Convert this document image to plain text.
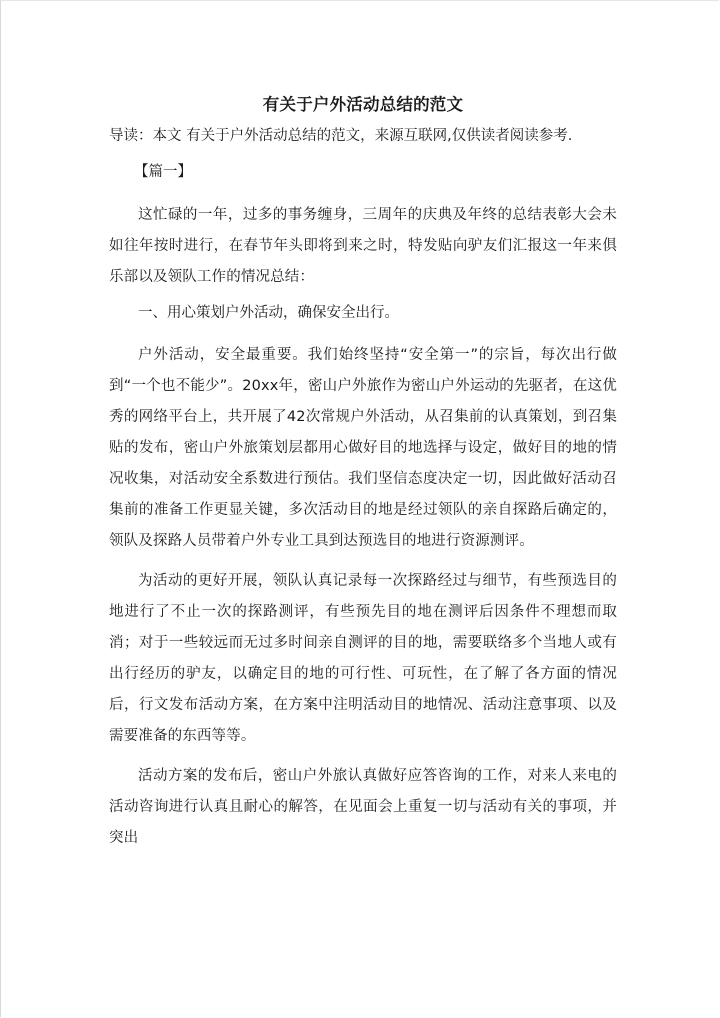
有关于户外活动总结的范文

导读：本文 有关于户外活动总结的范文，来源互联网,仅供读者阅读参考.

【篇一】

这忙碌的一年，过多的事务缠身，三周年的庆典及年终的总结表彰大会未如往年按时进行，在春节年头即将到来之时，特发贴向驴友们汇报这一年来俱乐部以及领队工作的情况总结：

一、用心策划户外活动，确保安全出行。

户外活动，安全最重要。我们始终坚持“安全第一”的宗旨，每次出行做到“一个也不能少”。20xx年，密山户外旅作为密山户外运动的先驱者，在这优秀的网络平台上，共开展了42次常规户外活动，从召集前的认真策划，到召集贴的发布，密山户外旅策划层都用心做好目的地选择与设定，做好目的地的情况收集，对活动安全系数进行预估。我们坚信态度决定一切，因此做好活动召集前的准备工作更显关键，多次活动目的地是经过领队的亲自探路后确定的，领队及探路人员带着户外专业工具到达预选目的地进行资源测评。

为活动的更好开展，领队认真记录每一次探路经过与细节，有些预选目的地进行了不止一次的探路测评，有些预先目的地在测评后因条件不理想而取消；对于一些较远而无过多时间亲自测评的目的地，需要联络多个当地人或有出行经历的驴友，以确定目的地的可行性、可玩性，在了解了各方面的情况后，行文发布活动方案，在方案中注明活动目的地情况、活动注意事项、以及需要准备的东西等等。

活动方案的发布后，密山户外旅认真做好应答咨询的工作，对来人来电的活动咨询进行认真且耐心的解答，在见面会上重复一切与活动有关的事项，并突出
